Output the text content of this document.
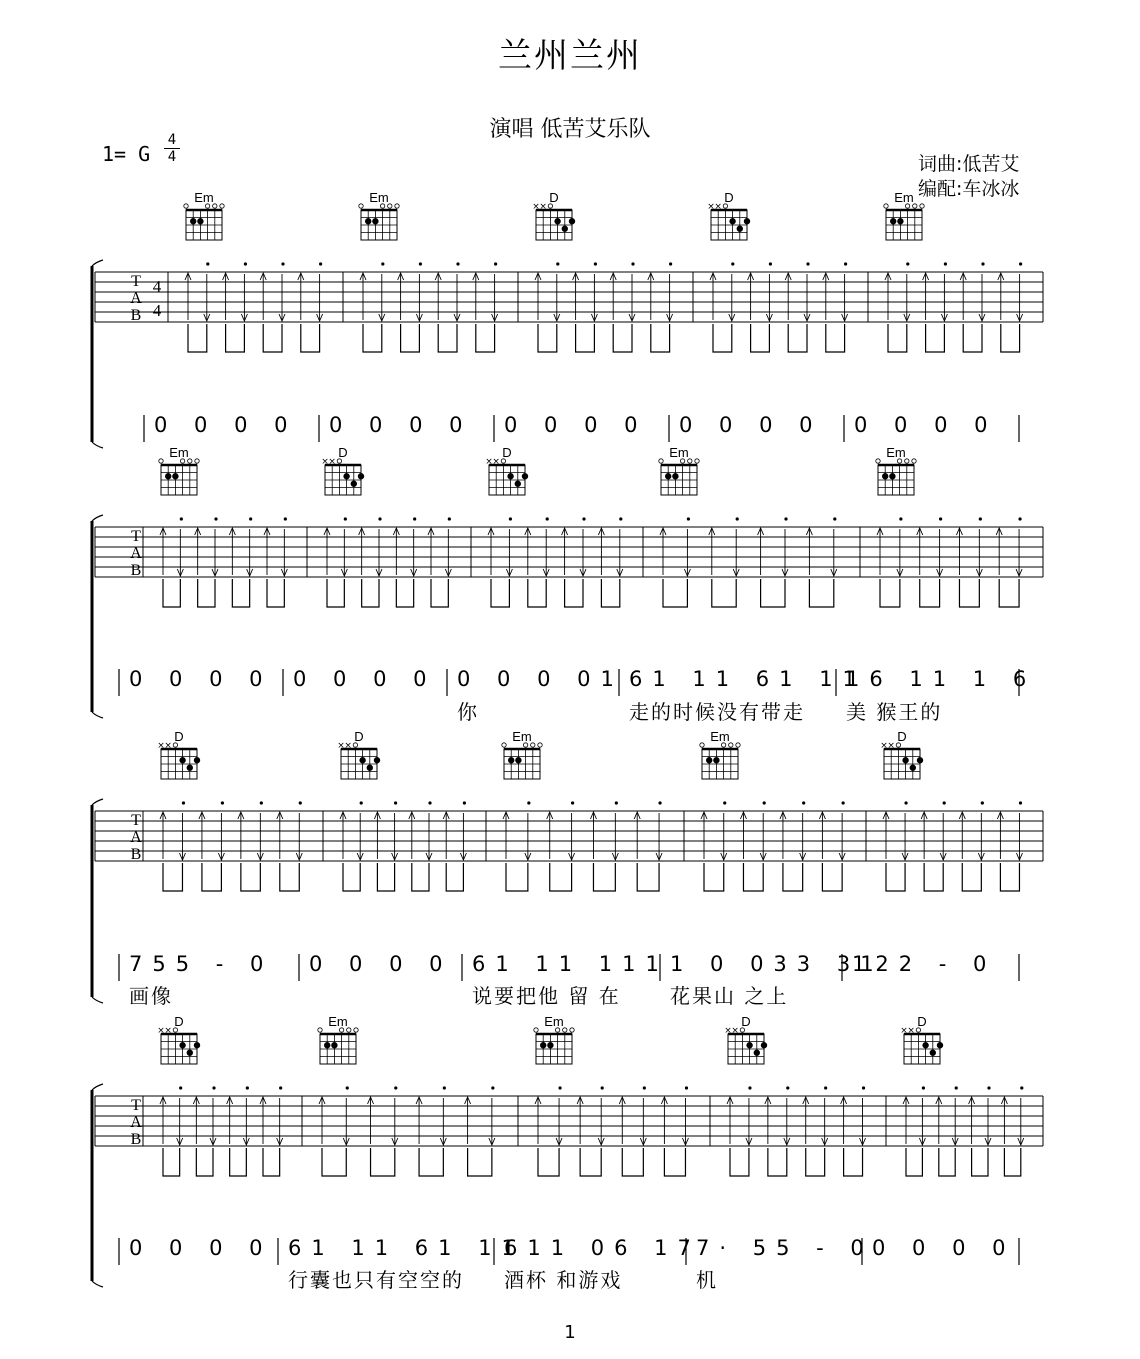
兰州兰州
演唱 低苦艾乐队
1= G
4
4	词曲:低苦艾
编配:车冰冰
T
A
B
4
4
0 0 0 0 0 0 0 0 0 0 0 0 0 0 0 0 0 0 0 0
Em	Em	D
× ×
D
× ×
Em
T
A
B
0 0 0 0 0 0 0 0 0 0 0 01
你
61 11 61 11
走的时候没有带走
16 11 1 6
美 猴王的
Em	D
× ×
D
× ×
Em	Em
T
A
B
755 - 0
画像
0 0 0 0 61 11 111
说要把他 留 在
1 0 033 31
花果山 之上
122 - 0
D
× ×
D
× ×
Em	Em	D
× ×
T
A
B
0 0 0 0 61 11 61 11
行囊也只有空空的
611 06 17
酒杯 和游戏
7· 55 - 0
机
0 0 0 0
D
× ×
Em	Em	D
× ×
D
× ×
1
